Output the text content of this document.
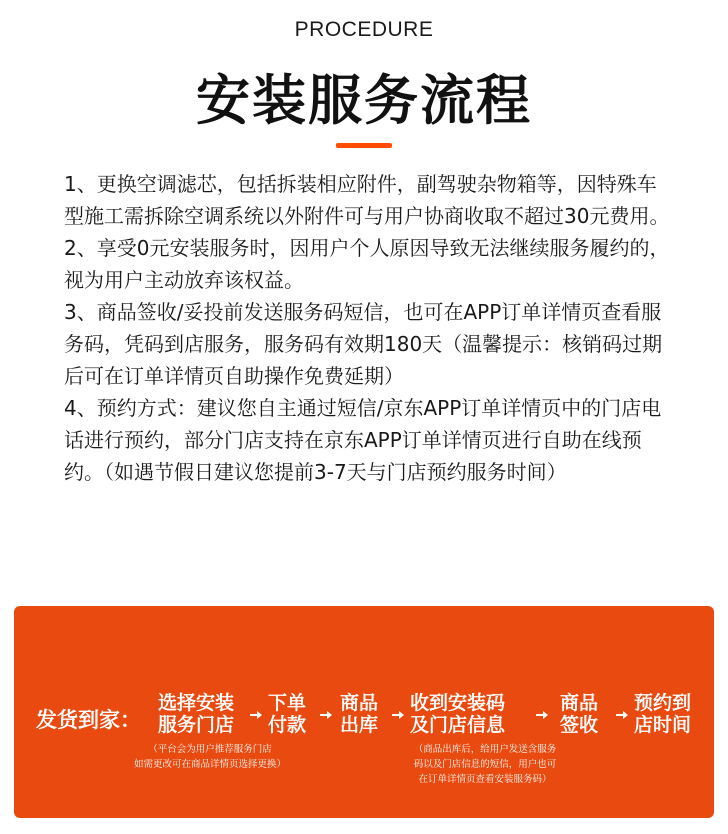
PROCEDURE
安装服务流程

1、更换空调滤芯，包括拆装相应附件，副驾驶杂物箱等，因特殊车型施工需拆除空调系统以外附件可与用户协商收取不超过30元费用。

2、享受0元安装服务时，因用户个人原因导致无法继续服务履约的，视为用户主动放弃该权益。

3、商品签收/妥投前发送服务码短信，也可在APP订单详情页查看服务码，凭码到店服务，服务码有效期180天（温馨提示：核销码过期后可在订单详情页自助操作免费延期）

4、预约方式：建议您自主通过短信/京东APP订单详情页中的门店电话进行预约，部分门店支持在京东APP订单详情页进行自助在线预约。（如遇节假日建议您提前3-7天与门店预约服务时间）

发货到家：
选择安装
服务门店
下单
付款
商品
出库
收到安装码
及门店信息
商品
签收
预约到
店时间
（平台会为用户推荐服务门店
如需更改可在商品详情页选择更换）
（商品出库后，给用户发送含服务
码以及门店信息的短信，用户也可
在订单详情页查看安装服务码）
